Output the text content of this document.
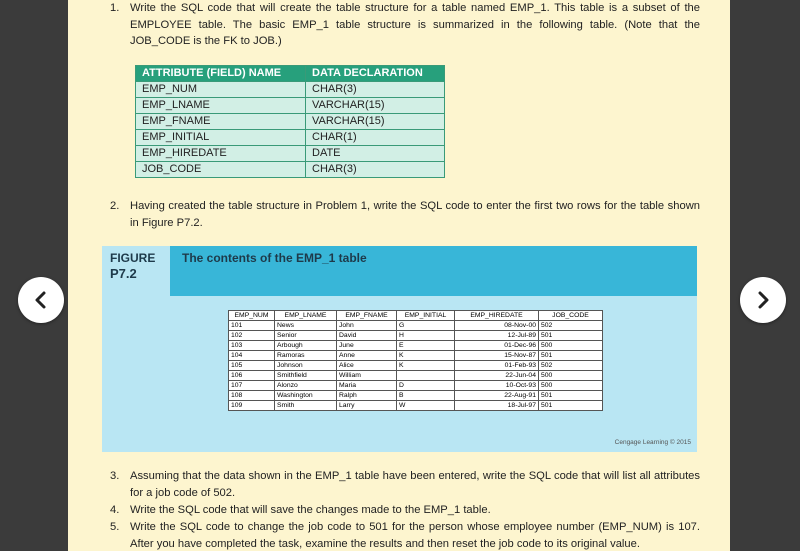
1. Write the SQL code that will create the table structure for a table named EMP_1. This table is a subset of the EMPLOYEE table. The basic EMP_1 table structure is summarized in the following table. (Note that the JOB_CODE is the FK to JOB.)
ATTRIBUTE (FIELD) NAME	DATA DECLARATION
EMP_NUM	CHAR(3)
EMP_LNAME	VARCHAR(15)
EMP_FNAME	VARCHAR(15)
EMP_INITIAL	CHAR(1)
EMP_HIREDATE	DATE
JOB_CODE	CHAR(3)
2. Having created the table structure in Problem 1, write the SQL code to enter the first two rows for the table shown in Figure P7.2.
FIGURE
P7.2
The contents of the EMP_1 table
EMP_NUM	EMP_LNAME	EMP_FNAME	EMP_INITIAL	EMP_HIREDATE	JOB_CODE
101	News	John	G	08-Nov-00	502
102	Senior	David	H	12-Jul-89	501
103	Arbough	June	E	01-Dec-96	500
104	Ramoras	Anne	K	15-Nov-87	501
105	Johnson	Alice	K	01-Feb-93	502
106	Smithfield	William		22-Jun-04	500
107	Alonzo	Maria	D	10-Oct-93	500
108	Washington	Ralph	B	22-Aug-91	501
109	Smith	Larry	W	18-Jul-97	501
Cengage Learning © 2015
3. Assuming that the data shown in the EMP_1 table have been entered, write the SQL code that will list all attributes for a job code of 502.
4. Write the SQL code that will save the changes made to the EMP_1 table.
5. Write the SQL code to change the job code to 501 for the person whose employee number (EMP_NUM) is 107. After you have completed the task, examine the results and then reset the job code to its original value.
